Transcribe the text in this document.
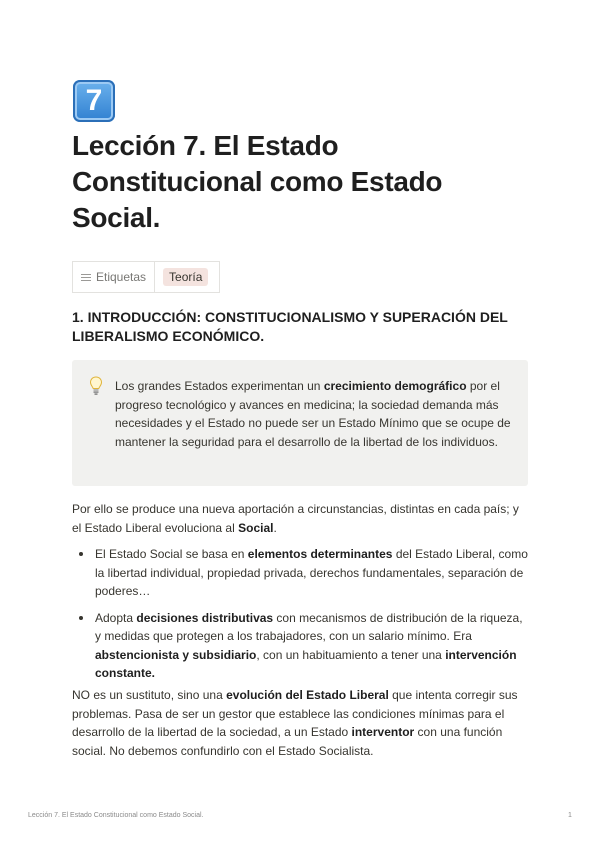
7
Lección 7. El Estado Constitucional como Estado Social.
Etiquetas	Teoría
1. INTRODUCCIÓN: CONSTITUCIONALISMO Y SUPERACIÓN DEL LIBERALISMO ECONÓMICO.

Los grandes Estados experimentan un crecimiento demográfico por el progreso tecnológico y avances en medicina; la sociedad demanda más necesidades y el Estado no puede ser un Estado Mínimo que se ocupe de mantener la seguridad para el desarrollo de la libertad de los individuos.

Por ello se produce una nueva aportación a circunstancias, distintas en cada país; y el Estado Liberal evoluciona al Social.

El Estado Social se basa en elementos determinantes del Estado Liberal, como la libertad individual, propiedad privada, derechos fundamentales, separación de poderes…
Adopta decisiones distributivas con mecanismos de distribución de la riqueza, y medidas que protegen a los trabajadores, con un salario mínimo. Era abstencionista y subsidiario, con un habituamiento a tener una intervención constante.

NO es un sustituto, sino una evolución del Estado Liberal que intenta corregir sus problemas. Pasa de ser un gestor que establece las condiciones mínimas para el desarrollo de la libertad de la sociedad, a un Estado interventor con una función social. No debemos confundirlo con el Estado Socialista.

Lección 7. El Estado Constitucional como Estado Social.	1
